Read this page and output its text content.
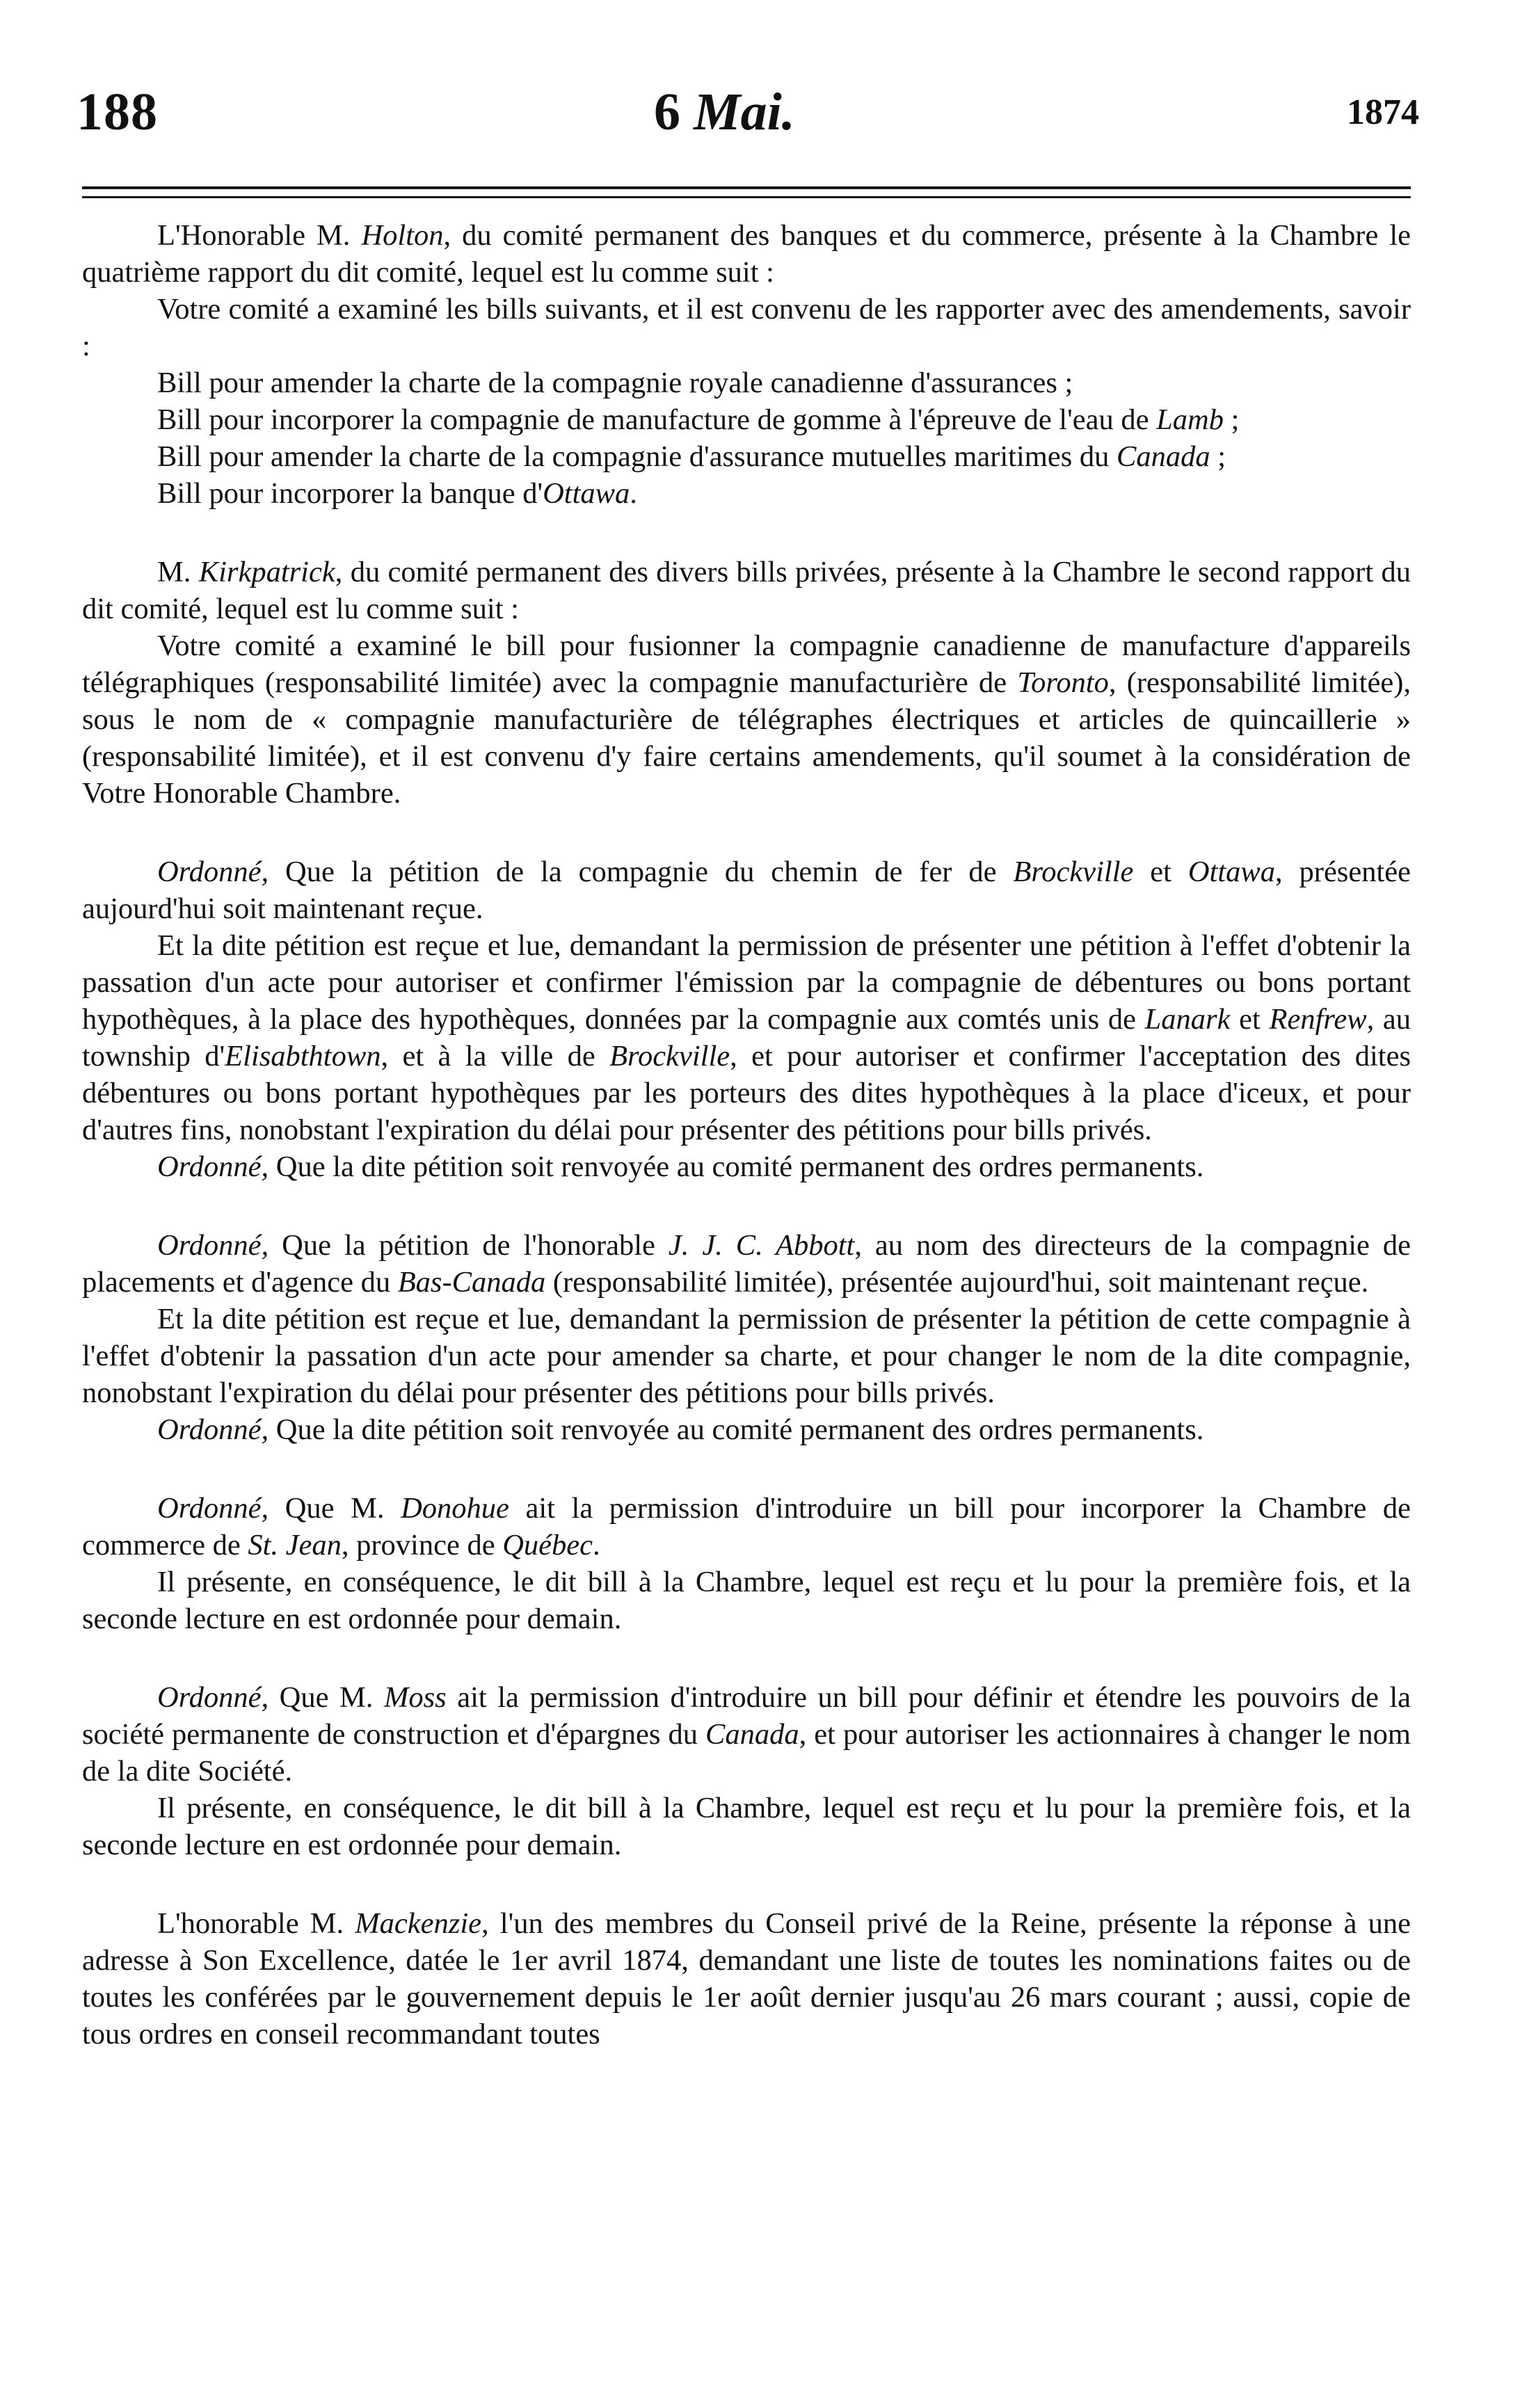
188	6 Mai.	1874

L'Honorable M. Holton, du comité permanent des banques et du commerce, présente à la Chambre le quatrième rapport du dit comité, lequel est lu comme suit :

Votre comité a examiné les bills suivants, et il est convenu de les rapporter avec des amendements, savoir :

Bill pour amender la charte de la compagnie royale canadienne d'assurances ;

Bill pour incorporer la compagnie de manufacture de gomme à l'épreuve de l'eau de Lamb ;

Bill pour amender la charte de la compagnie d'assurance mutuelles maritimes du Canada ;

Bill pour incorporer la banque d'Ottawa.

M. Kirkpatrick, du comité permanent des divers bills privées, présente à la Chambre le second rapport du dit comité, lequel est lu comme suit :

Votre comité a examiné le bill pour fusionner la compagnie canadienne de manufacture d'appareils télégraphiques (responsabilité limitée) avec la compagnie manufacturière de Toronto, (responsabilité limitée), sous le nom de « compagnie manufacturière de télégraphes électriques et articles de quincaillerie » (responsabilité limitée), et il est convenu d'y faire certains amendements, qu'il soumet à la considération de Votre Honorable Chambre.

Ordonné, Que la pétition de la compagnie du chemin de fer de Brockville et Ottawa, présentée aujourd'hui soit maintenant reçue.

Et la dite pétition est reçue et lue, demandant la permission de présenter une pétition à l'effet d'obtenir la passation d'un acte pour autoriser et confirmer l'émission par la compagnie de débentures ou bons portant hypothèques, à la place des hypothèques, données par la compagnie aux comtés unis de Lanark et Renfrew, au township d'Elisabthtown, et à la ville de Brockville, et pour autoriser et confirmer l'acceptation des dites débentures ou bons portant hypothèques par les porteurs des dites hypothèques à la place d'iceux, et pour d'autres fins, nonobstant l'expiration du délai pour présenter des pétitions pour bills privés.

Ordonné, Que la dite pétition soit renvoyée au comité permanent des ordres permanents.

Ordonné, Que la pétition de l'honorable J. J. C. Abbott, au nom des directeurs de la compagnie de placements et d'agence du Bas-Canada (responsabilité limitée), présentée aujourd'hui, soit maintenant reçue.

Et la dite pétition est reçue et lue, demandant la permission de présenter la pétition de cette compagnie à l'effet d'obtenir la passation d'un acte pour amender sa charte, et pour changer le nom de la dite compagnie, nonobstant l'expiration du délai pour présenter des pétitions pour bills privés.

Ordonné, Que la dite pétition soit renvoyée au comité permanent des ordres permanents.

Ordonné, Que M. Donohue ait la permission d'introduire un bill pour incorporer la Chambre de commerce de St. Jean, province de Québec.

Il présente, en conséquence, le dit bill à la Chambre, lequel est reçu et lu pour la première fois, et la seconde lecture en est ordonnée pour demain.

Ordonné, Que M. Moss ait la permission d'introduire un bill pour définir et étendre les pouvoirs de la société permanente de construction et d'épargnes du Canada, et pour autoriser les actionnaires à changer le nom de la dite Société.

Il présente, en conséquence, le dit bill à la Chambre, lequel est reçu et lu pour la première fois, et la seconde lecture en est ordonnée pour demain.

L'honorable M. Mackenzie, l'un des membres du Conseil privé de la Reine, présente la réponse à une adresse à Son Excellence, datée le 1er avril 1874, demandant une liste de toutes les nominations faites ou de toutes les conférées par le gouvernement depuis le 1er août dernier jusqu'au 26 mars courant ; aussi, copie de tous ordres en conseil recommandant toutes
